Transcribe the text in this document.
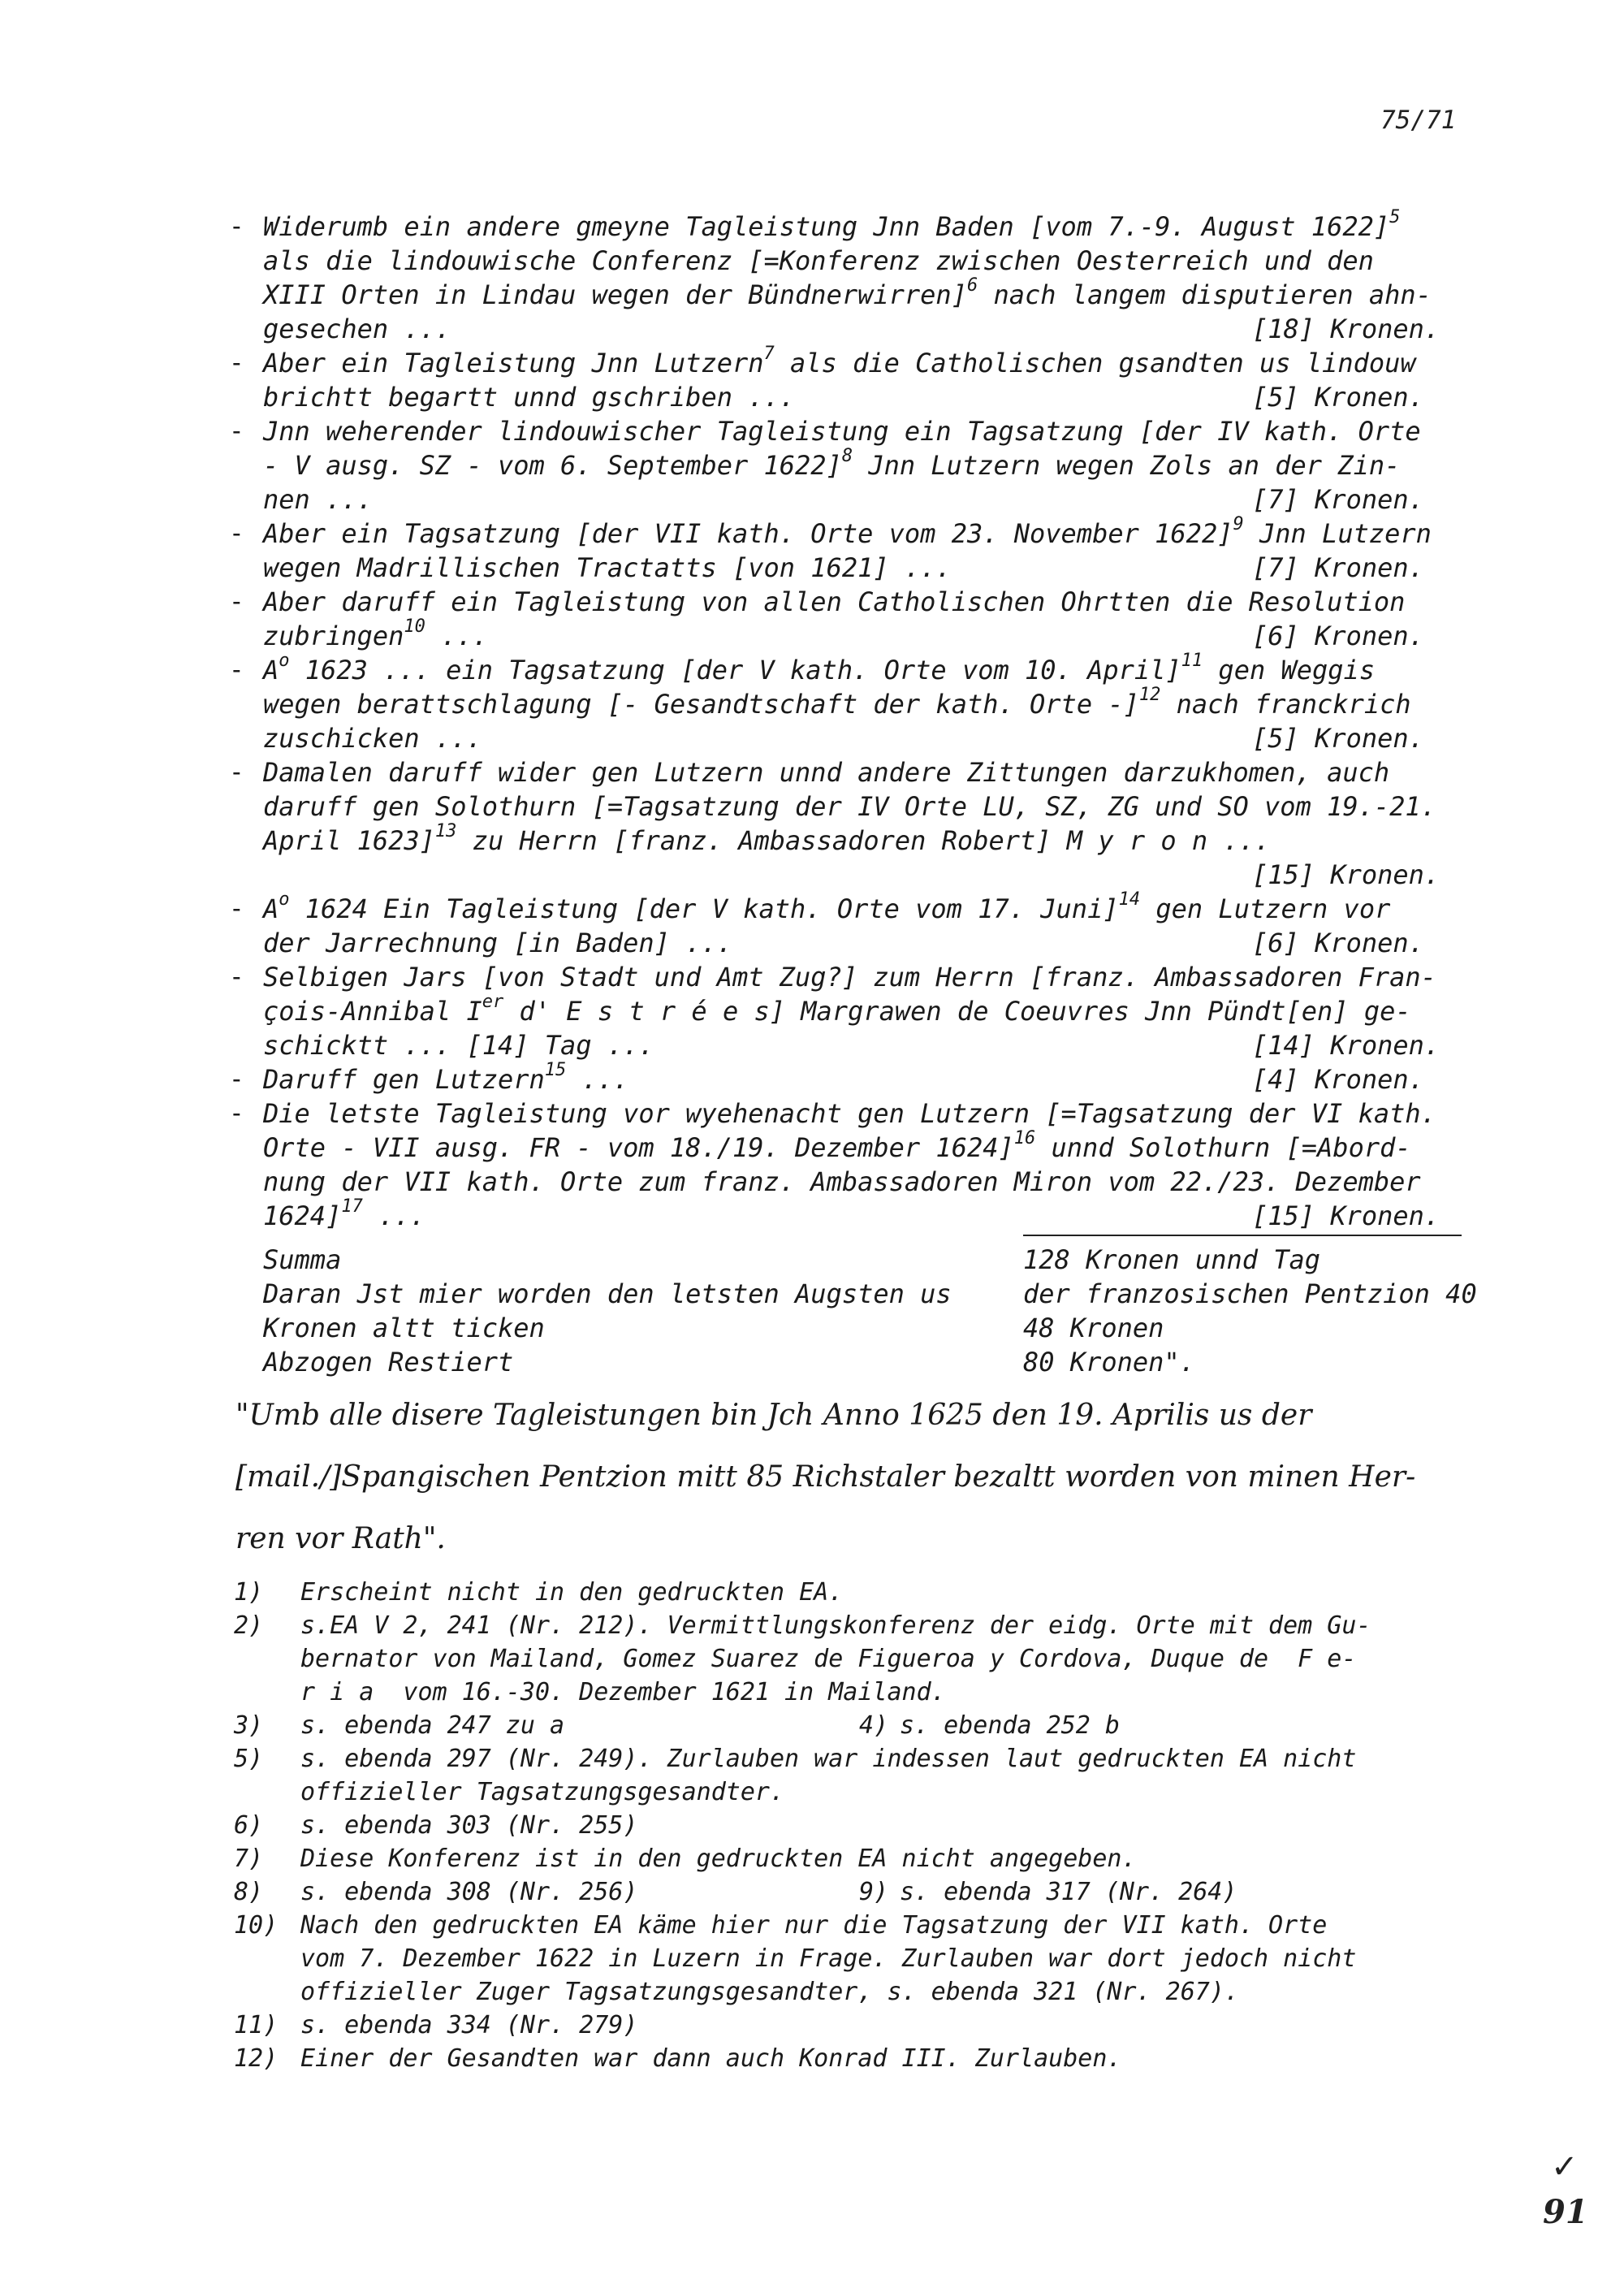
75/71
- Widerumb ein andere gmeyne Tagleistung Jnn Baden [vom 7.-9. August 1622]$^5$
als die lindouwische Conferenz [=Konferenz zwischen Oesterreich und den
XIII Orten in Lindau wegen der Bündnerwirren]$^6$ nach langem disputieren ahn-
gesechen ...	[18] Kronen.
- Aber ein Tagleistung Jnn Lutzern$^7$ als die Catholischen gsandten us lindouw
brichtt begartt unnd gschriben ...	[5] Kronen.
- Jnn weherender lindouwischer Tagleistung ein Tagsatzung [der IV kath. Orte
- V ausg. SZ - vom 6. September 1622]$^8$ Jnn Lutzern wegen Zols an der Zin-
nen ...	[7] Kronen.
- Aber ein Tagsatzung [der VII kath. Orte vom 23. November 1622]$^9$ Jnn Lutzern
wegen Madrillischen Tractatts [von 1621] ...	[7] Kronen.
- Aber daruff ein Tagleistung von allen Catholischen Ohrtten die Resolution
zubringen$^{10}$ ...	[6] Kronen.
- $A^o$ 1623 ... ein Tagsatzung [der V kath. Orte vom 10. April]$^{11}$ gen Weggis
wegen berattschlagung [- Gesandtschaft der kath. Orte -]$^{12}$ nach franckrich
zuschicken ...	[5] Kronen.
- Damalen daruff wider gen Lutzern unnd andere Zittungen darzukhomen, auch
daruff gen Solothurn [=Tagsatzung der IV Orte LU, SZ, ZG und SO vom 19.-21.
April 1623]$^{13}$ zu Herrn [franz. Ambassadoren Robert] M y r o n ...
[15] Kronen.
- $A^o$ 1624 Ein Tagleistung [der V kath. Orte vom 17. Juni]$^{14}$ gen Lutzern vor
der Jarrechnung [in Baden] ...	[6] Kronen.
- Selbigen Jars [von Stadt und Amt Zug?] zum Herrn [franz. Ambassadoren Fran-
çois-Annibal Ier d' E s t r é e s] Margrawen de Coeuvres Jnn Pündt[en] ge-
schicktt ... [14] Tag ...	[14] Kronen.
- Daruff gen Lutzern$^{15}$ ...	[4] Kronen.
- Die letste Tagleistung vor wyehenacht gen Lutzern [=Tagsatzung der VI kath.
Orte - VII ausg. FR - vom 18./19. Dezember 1624]$^{16}$ unnd Solothurn [=Abord-
nung der VII kath. Orte zum franz. Ambassadoren Miron vom 22./23. Dezember
1624]$^{17}$ ...	[15] Kronen.
Summa	128 Kronen unnd Tag
Daran Jst mier worden den letsten Augsten us	der franzosischen Pentzion 40
Kronen altt ticken	48 Kronen
Abzogen Restiert	80 Kronen".
"Umb alle disere Tagleistungen bin Jch Anno 1625 den 19. Aprilis us der
[mail./]Spangischen Pentzion mitt 85 Richstaler bezaltt worden von minen Her-
ren vor Rath".
1) Erscheint nicht in den gedruckten EA.
2) s.EA V 2, 241 (Nr. 212). Vermittlungskonferenz der eidg. Orte mit dem Gu-
bernator von Mailand, Gomez Suarez de Figueroa y Cordova, Duque de  F e-
r i a  vom 16.-30. Dezember 1621 in Mailand.
3) s. ebenda 247 zu a	4) s. ebenda 252 b
5) s. ebenda 297 (Nr. 249). Zurlauben war indessen laut gedruckten EA nicht
offizieller Tagsatzungsgesandter.
6) s. ebenda 303 (Nr. 255)
7) Diese Konferenz ist in den gedruckten EA nicht angegeben.
8) s. ebenda 308 (Nr. 256)	9) s. ebenda 317 (Nr. 264)
10) Nach den gedruckten EA käme hier nur die Tagsatzung der VII kath. Orte
vom 7. Dezember 1622 in Luzern in Frage. Zurlauben war dort jedoch nicht
offizieller Zuger Tagsatzungsgesandter, s. ebenda 321 (Nr. 267).
11) s. ebenda 334 (Nr. 279)
12) Einer der Gesandten war dann auch Konrad III. Zurlauben.
✓
91
